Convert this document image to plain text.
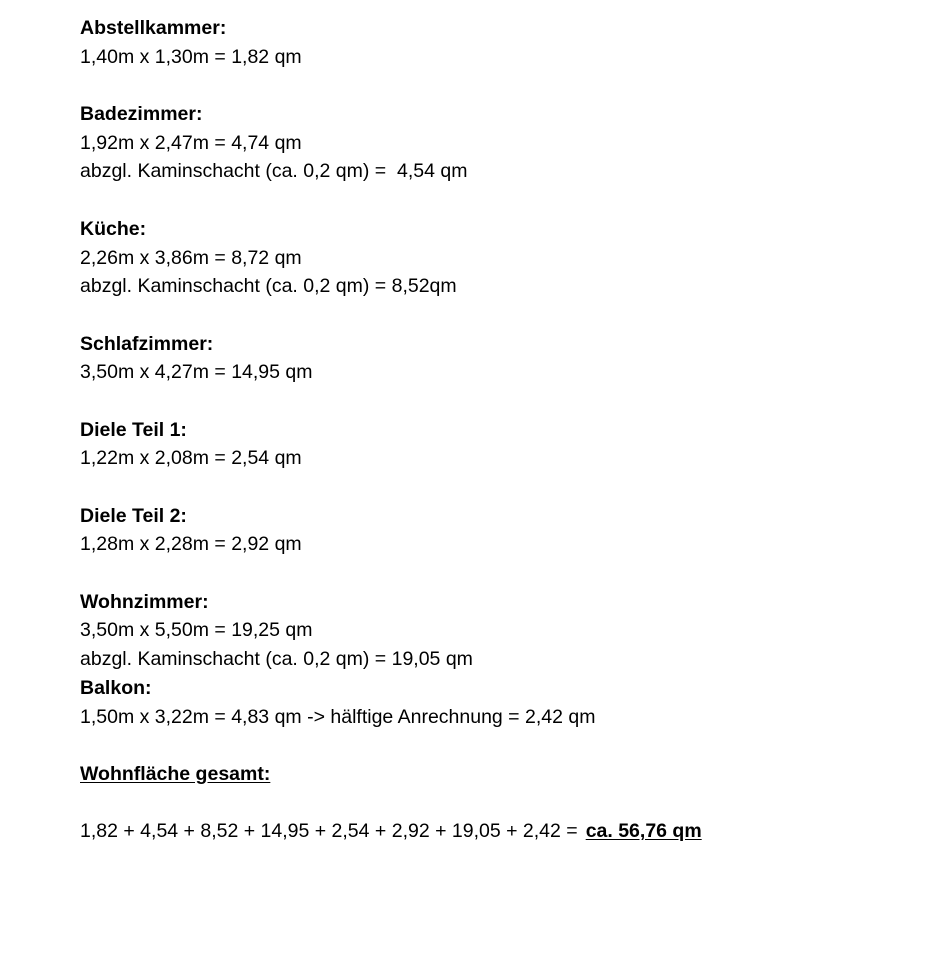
Abstellkammer:
1,40m x 1,30m = 1,82 qm
Badezimmer:
1,92m x 2,47m = 4,74 qm
abzgl. Kaminschacht (ca. 0,2 qm) =  4,54 qm
Küche:
2,26m x 3,86m = 8,72 qm
abzgl. Kaminschacht (ca. 0,2 qm) = 8,52qm
Schlafzimmer:
3,50m x 4,27m = 14,95 qm
Diele Teil 1:
1,22m x 2,08m = 2,54 qm
Diele Teil 2:
1,28m x 2,28m = 2,92 qm
Wohnzimmer:
3,50m x 5,50m = 19,25 qm
abzgl. Kaminschacht (ca. 0,2 qm) = 19,05 qm
Balkon:
1,50m x 3,22m = 4,83 qm -> hälftige Anrechnung = 2,42 qm
Wohnfläche gesamt:
1,82 + 4,54 + 8,52 + 14,95 + 2,54 + 2,92 + 19,05 + 2,42 = ca. 56,76 qm
